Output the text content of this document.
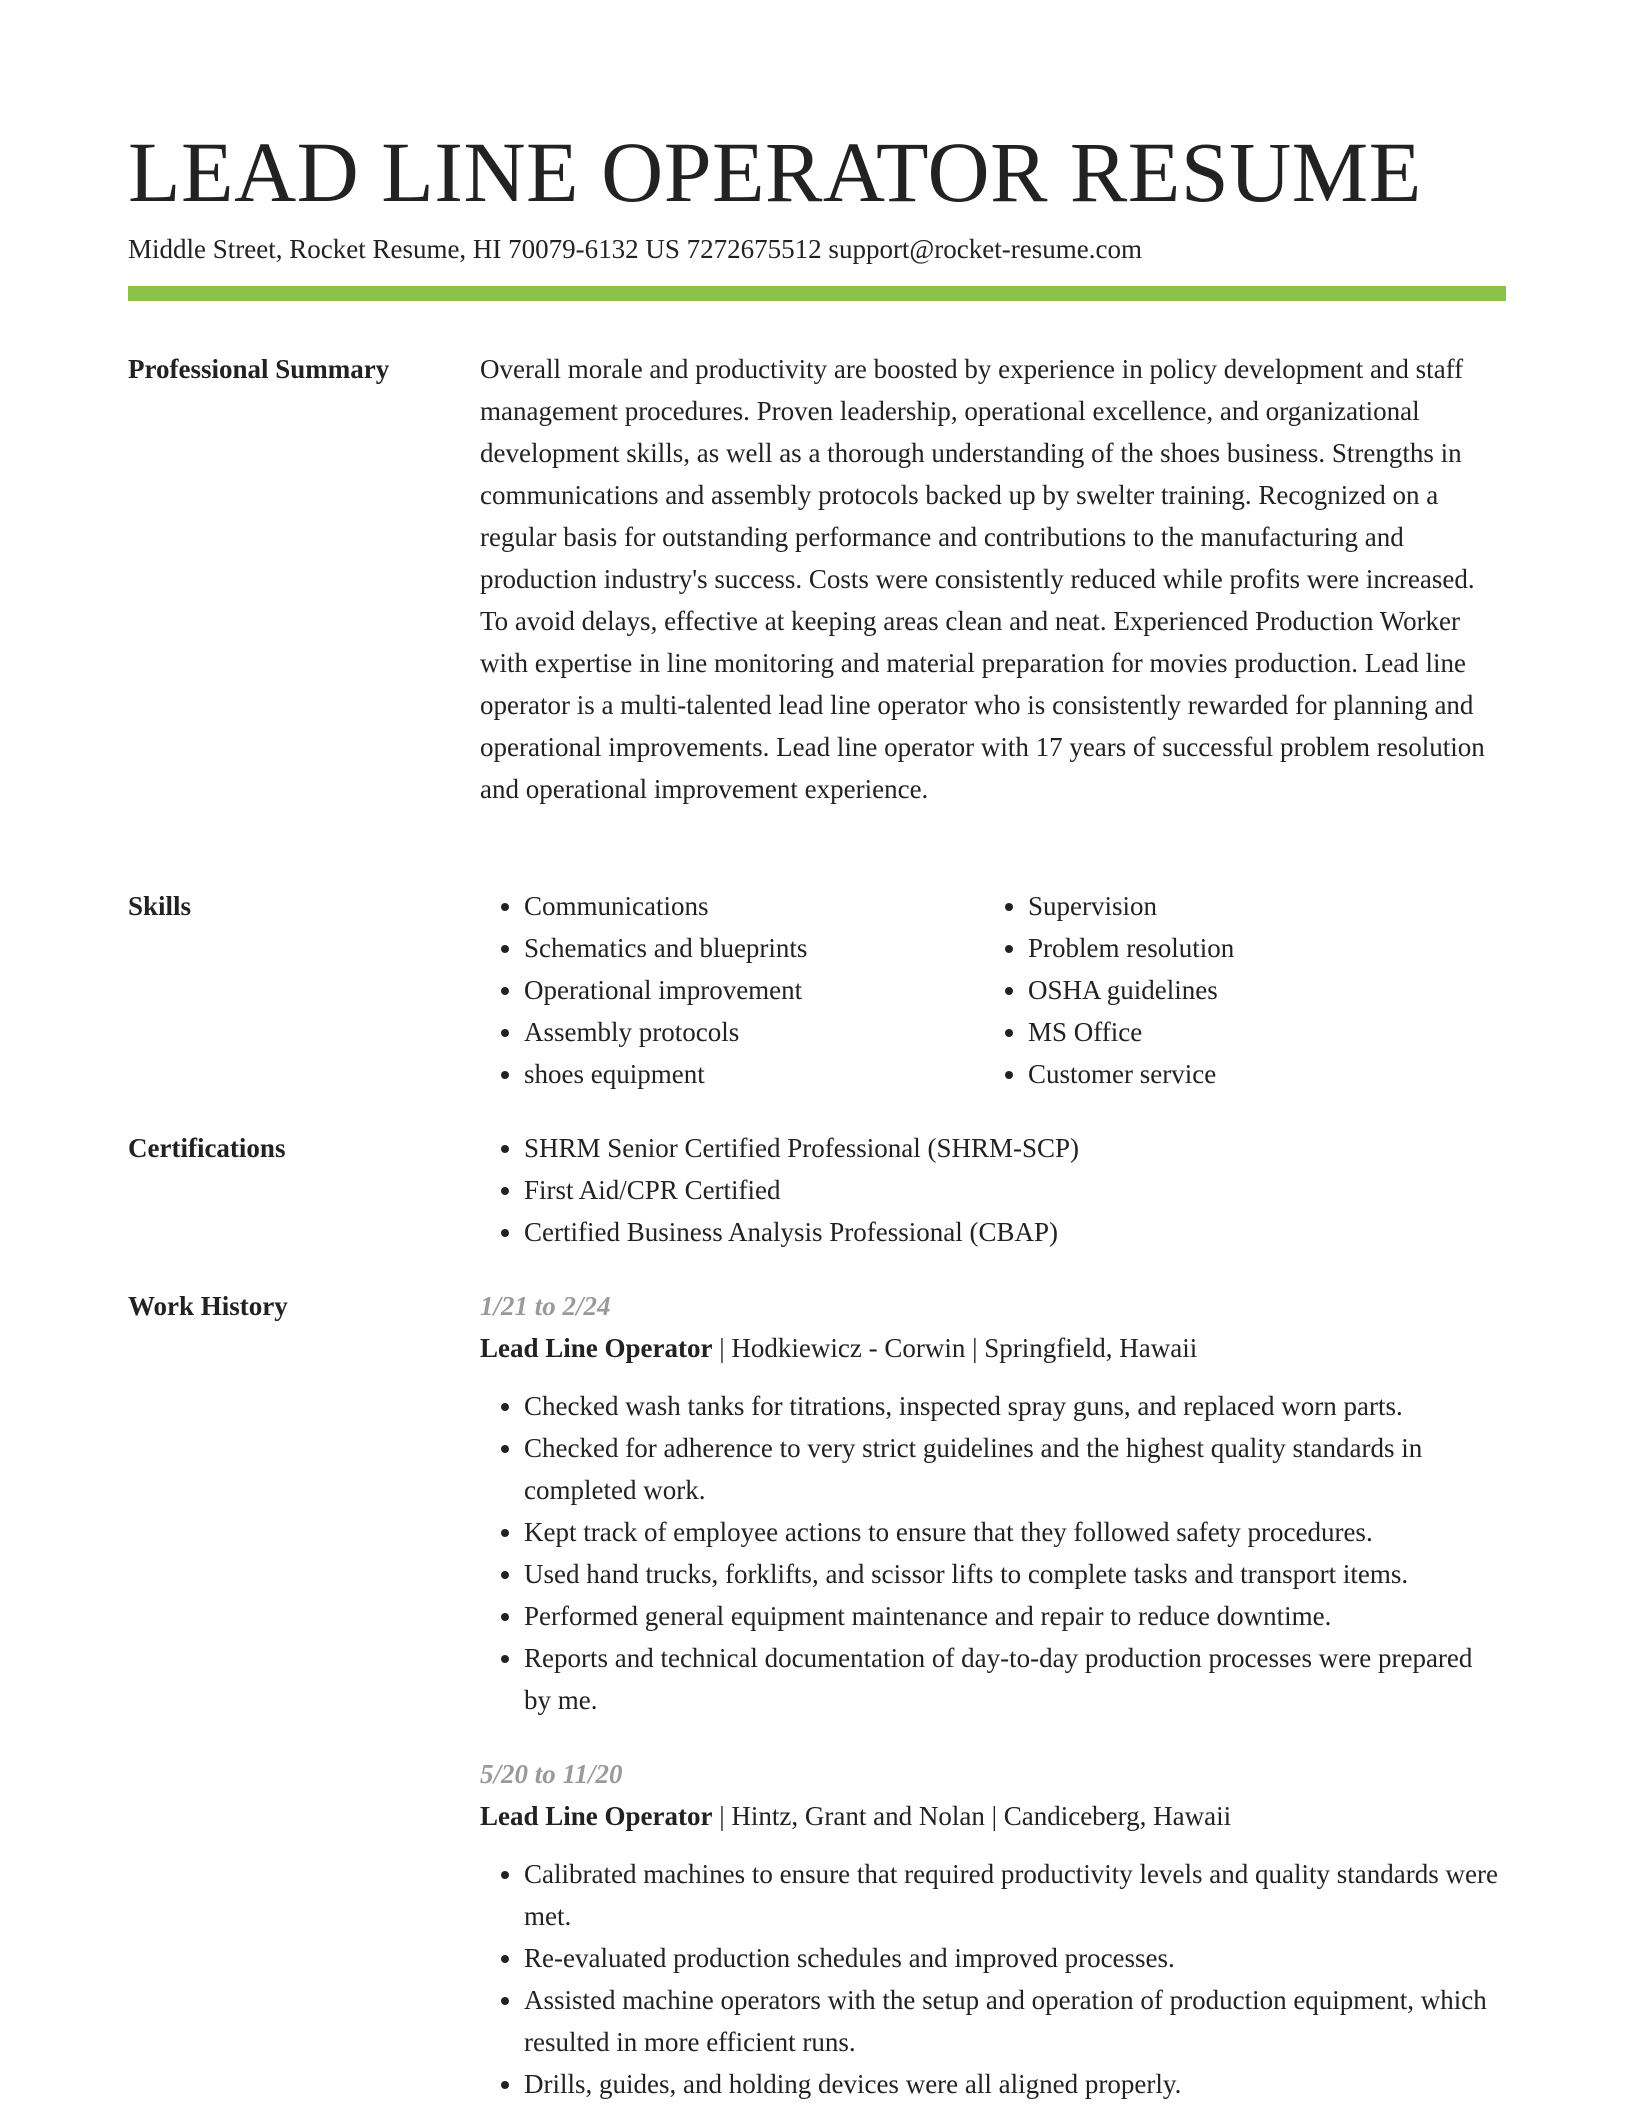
LEAD LINE OPERATOR RESUME
Middle Street, Rocket Resume, HI 70079-6132 US 7272675512 support@rocket-resume.com
Professional Summary	Overall morale and productivity are boosted by experience in policy development and staff management procedures. Proven leadership, operational excellence, and organizational development skills, as well as a thorough understanding of the shoes business. Strengths in communications and assembly protocols backed up by swelter training. Recognized on a regular basis for outstanding performance and contributions to the manufacturing and production industry's success. Costs were consistently reduced while profits were increased. To avoid delays, effective at keeping areas clean and neat. Experienced Production Worker with expertise in line monitoring and material preparation for movies production. Lead line operator is a multi-talented lead line operator who is consistently rewarded for planning and operational improvements. Lead line operator with 17 years of successful problem resolution and operational improvement experience.

Skills	• Communications
• Schematics and blueprints
• Operational improvement
• Assembly protocols
• shoes equipment
• Supervision
• Problem resolution
• OSHA guidelines
• MS Office
• Customer service
Certifications	• SHRM Senior Certified Professional (SHRM-SCP)
• First Aid/CPR Certified
• Certified Business Analysis Professional (CBAP)
Work History	1/21 to 2/24
Lead Line Operator | Hodkiewicz - Corwin | Springfield, Hawaii
• Checked wash tanks for titrations, inspected spray guns, and replaced worn parts.
• Checked for adherence to very strict guidelines and the highest quality standards in completed work.
• Kept track of employee actions to ensure that they followed safety procedures.
• Used hand trucks, forklifts, and scissor lifts to complete tasks and transport items.
• Performed general equipment maintenance and repair to reduce downtime.
• Reports and technical documentation of day-to-day production processes were prepared by me.
5/20 to 11/20
Lead Line Operator | Hintz, Grant and Nolan | Candiceberg, Hawaii
• Calibrated machines to ensure that required productivity levels and quality standards were met.
• Re-evaluated production schedules and improved processes.
• Assisted machine operators with the setup and operation of production equipment, which resulted in more efficient runs.
• Drills, guides, and holding devices were all aligned properly.
